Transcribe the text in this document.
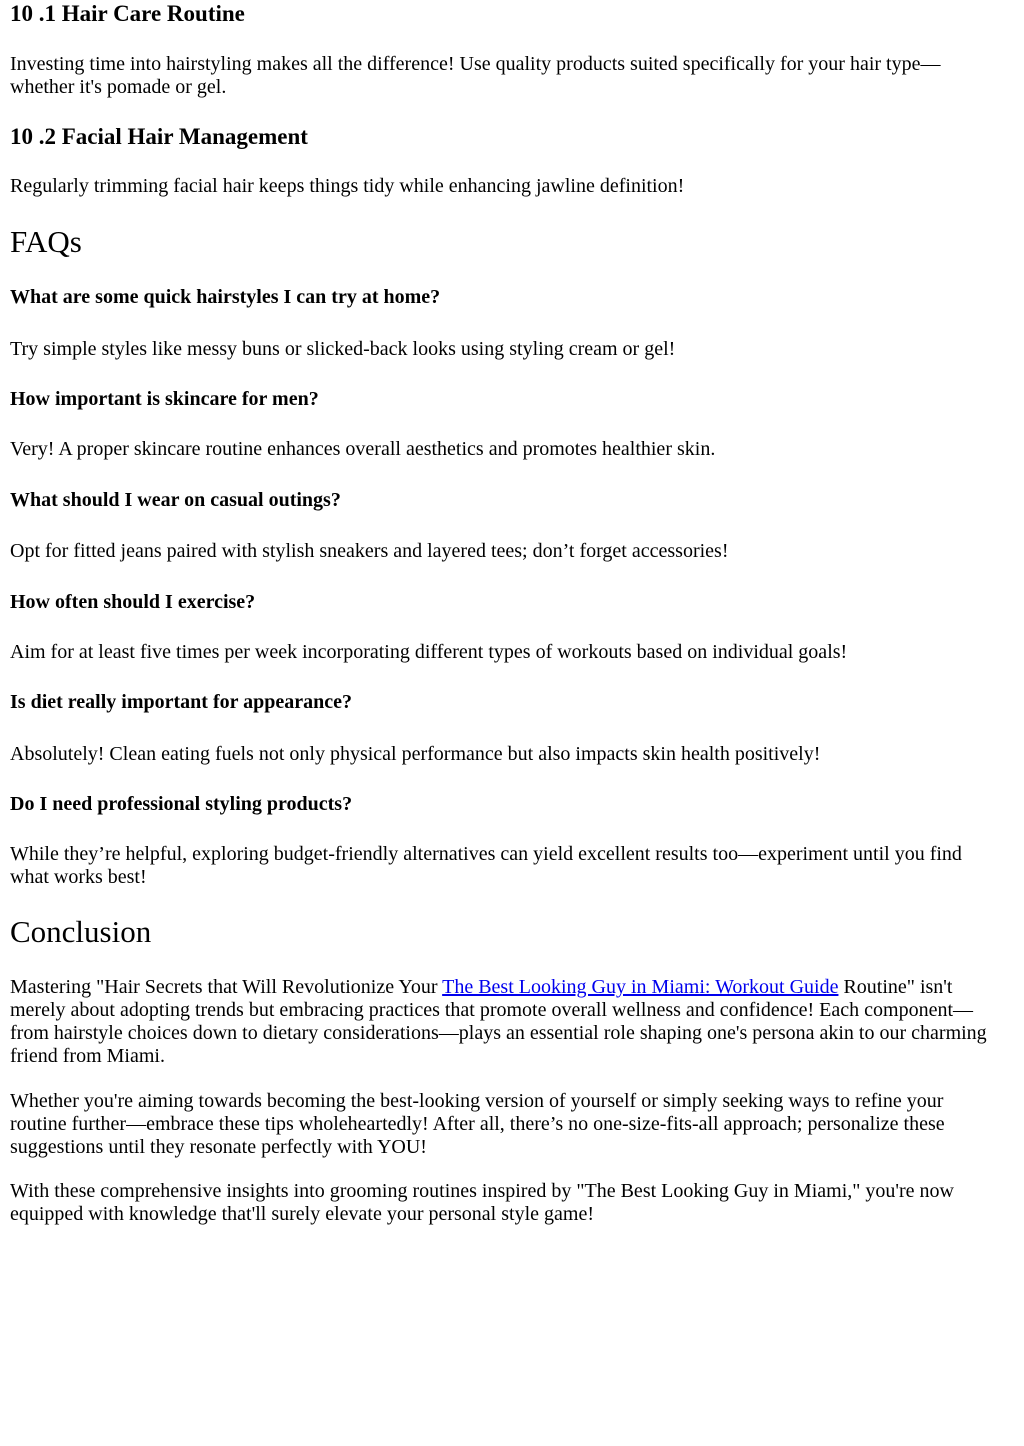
10 .1 Hair Care Routine

Investing time into hairstyling makes all the difference! Use quality products suited specifically for your hair type—whether it's pomade or gel.

10 .2 Facial Hair Management

Regularly trimming facial hair keeps things tidy while enhancing jawline definition!

FAQs

What are some quick hairstyles I can try at home?

Try simple styles like messy buns or slicked-back looks using styling cream or gel!

How important is skincare for men?

Very! A proper skincare routine enhances overall aesthetics and promotes healthier skin.

What should I wear on casual outings?

Opt for fitted jeans paired with stylish sneakers and layered tees; don’t forget accessories!

How often should I exercise?

Aim for at least five times per week incorporating different types of workouts based on individual goals!

Is diet really important for appearance?

Absolutely! Clean eating fuels not only physical performance but also impacts skin health positively!

Do I need professional styling products?

While they’re helpful, exploring budget-friendly alternatives can yield excellent results too—experiment until you find what works best!

Conclusion

Mastering "Hair Secrets that Will Revolutionize Your The Best Looking Guy in Miami: Workout Guide Routine" isn't merely about adopting trends but embracing practices that promote overall wellness and confidence! Each component—from hairstyle choices down to dietary considerations—plays an essential role shaping one's persona akin to our charming friend from Miami.

Whether you're aiming towards becoming the best-looking version of yourself or simply seeking ways to refine your routine further—embrace these tips wholeheartedly! After all, there’s no one-size-fits-all approach; personalize these suggestions until they resonate perfectly with YOU!

With these comprehensive insights into grooming routines inspired by "The Best Looking Guy in Miami," you're now equipped with knowledge that'll surely elevate your personal style game!
